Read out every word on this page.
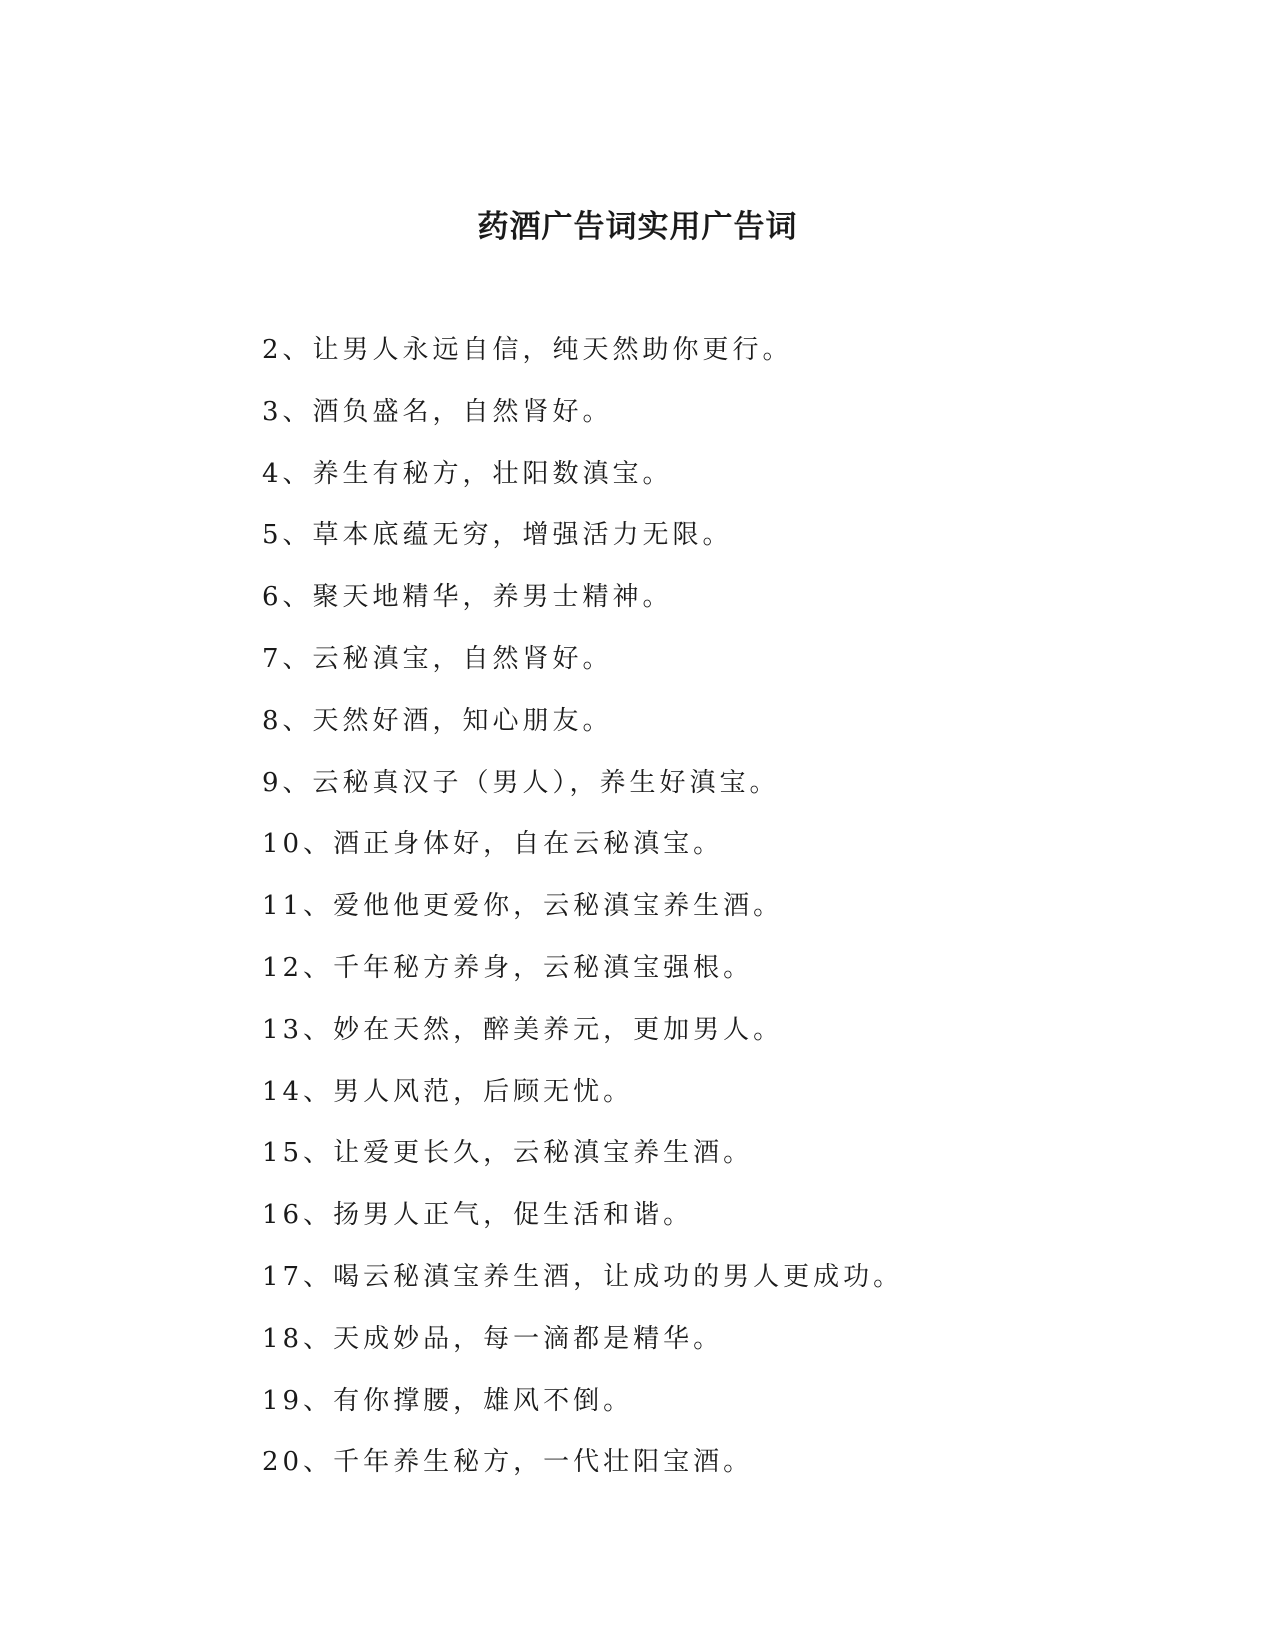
药酒广告词实用广告词
2、让男人永远自信，纯天然助你更行。
3、酒负盛名，自然肾好。
4、养生有秘方，壮阳数滇宝。
5、草本底蕴无穷，增强活力无限。
6、聚天地精华，养男士精神。
7、云秘滇宝，自然肾好。
8、天然好酒，知心朋友。
9、云秘真汉子（男人），养生好滇宝。
10、酒正身体好，自在云秘滇宝。
11、爱他他更爱你，云秘滇宝养生酒。
12、千年秘方养身，云秘滇宝强根。
13、妙在天然，醉美养元，更加男人。
14、男人风范，后顾无忧。
15、让爱更长久，云秘滇宝养生酒。
16、扬男人正气，促生活和谐。
17、喝云秘滇宝养生酒，让成功的男人更成功。
18、天成妙品，每一滴都是精华。
19、有你撑腰，雄风不倒。
20、千年养生秘方，一代壮阳宝酒。
